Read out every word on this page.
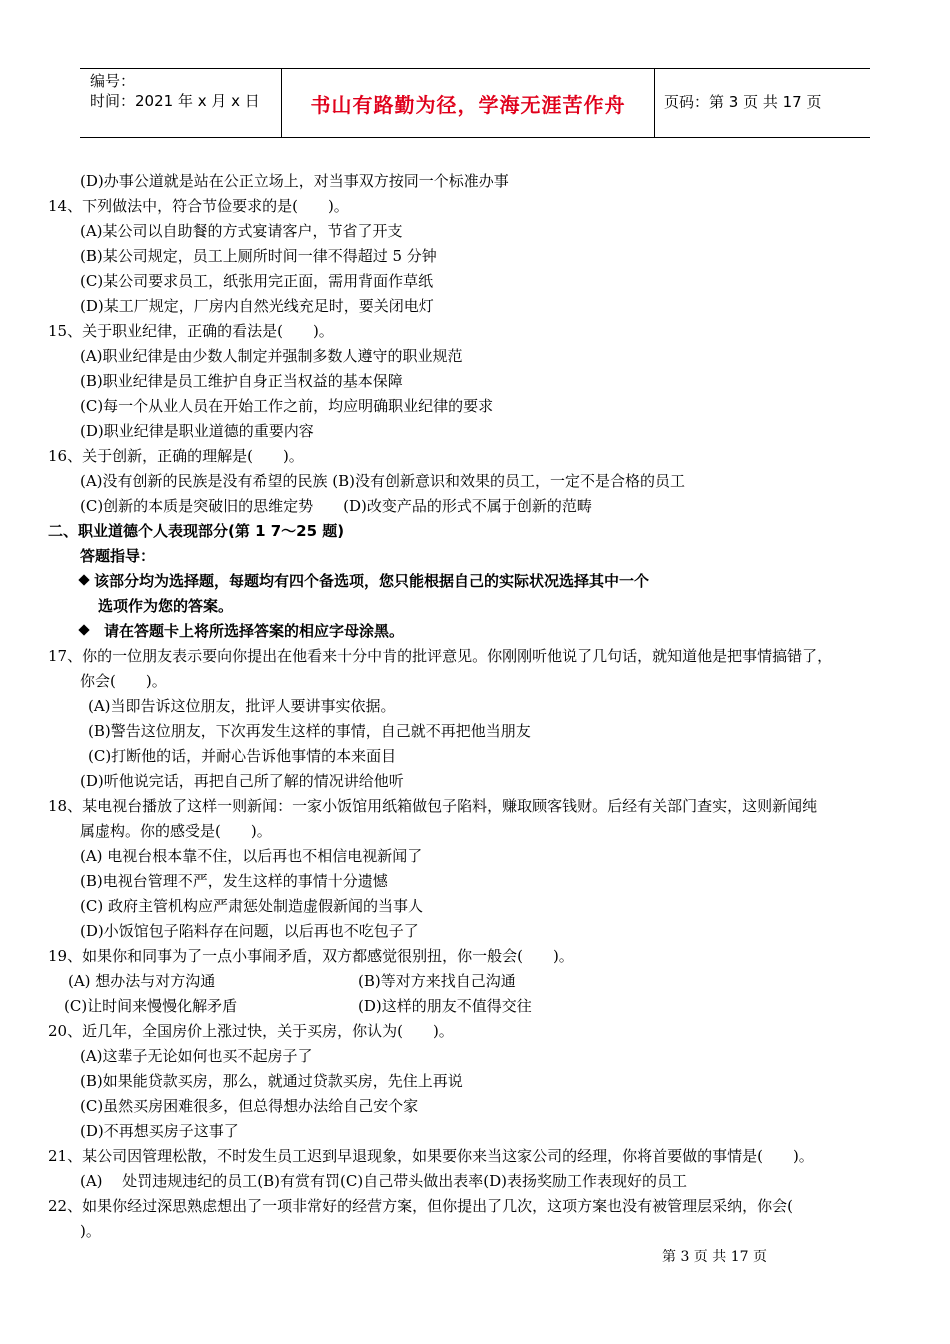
编号：
时间：2021 年 x 月 x 日	书山有路勤为径，学海无涯苦作舟	页码：第 3 页 共 17 页
(D)办事公道就是站在公正立场上，对当事双方按同一个标准办事
14、下列做法中，符合节俭要求的是(　　)。
(A)某公司以自助餐的方式宴请客户，节省了开支
(B)某公司规定，员工上厕所时间一律不得超过 5 分钟
(C)某公司要求员工，纸张用完正面，需用背面作草纸
(D)某工厂规定，厂房内自然光线充足时，要关闭电灯
15、关于职业纪律，正确的看法是(　　)。
(A)职业纪律是由少数人制定并强制多数人遵守的职业规范
(B)职业纪律是员工维护自身正当权益的基本保障
(C)每一个从业人员在开始工作之前，均应明确职业纪律的要求
(D)职业纪律是职业道德的重要内容
16、关于创新，正确的理解是(　　)。
(A)没有创新的民族是没有希望的民族 (B)没有创新意识和效果的员工，一定不是合格的员工
(C)创新的本质是突破旧的思维定势　　(D)改变产品的形式不属于创新的范畴
二、职业道德个人表现部分(第 1 7～25 题)
答题指导：
该部分均为选择题，每题均有四个备选项，您只能根据自己的实际状况选择其中一个
选项作为您的答案。
请在答题卡上将所选择答案的相应字母涂黑。
17、你的一位朋友表示要向你提出在他看来十分中肯的批评意见。你刚刚听他说了几句话，就知道他是把事情搞错了，
你会(　　)。
(A)当即告诉这位朋友，批评人要讲事实依据。
(B)警告这位朋友，下次再发生这样的事情，自己就不再把他当朋友
(C)打断他的话，并耐心告诉他事情的本来面目
(D)听他说完话，再把自己所了解的情况讲给他听
18、某电视台播放了这样一则新闻：一家小饭馆用纸箱做包子陷料，赚取顾客钱财。后经有关部门查实，这则新闻纯
属虚构。你的感受是(　　)。
(A) 电视台根本靠不住，以后再也不相信电视新闻了
(B)电视台管理不严，发生这样的事情十分遗憾
(C) 政府主管机构应严肃惩处制造虚假新闻的当事人
(D)小饭馆包子陷料存在问题，以后再也不吃包子了
19、如果你和同事为了一点小事闹矛盾，双方都感觉很别扭，你一般会(　　)。
(A) 想办法与对方沟通	(B)等对方来找自己沟通
(C)让时间来慢慢化解矛盾	(D)这样的朋友不值得交往
20、近几年，全国房价上涨过快，关于买房，你认为(　　)。
(A)这辈子无论如何也买不起房子了
(B)如果能贷款买房，那么，就通过贷款买房，先住上再说
(C)虽然买房困难很多，但总得想办法给自己安个家
(D)不再想买房子这事了
21、某公司因管理松散，不时发生员工迟到早退现象，如果要你来当这家公司的经理，你将首要做的事情是(　　)。
(A)　 处罚违规违纪的员工(B)有赏有罚(C)自己带头做出表率(D)表扬奖励工作表现好的员工
22、如果你经过深思熟虑想出了一项非常好的经营方案，但你提出了几次，这项方案也没有被管理层采纳，你会(
)。
第 3 页 共 17 页
